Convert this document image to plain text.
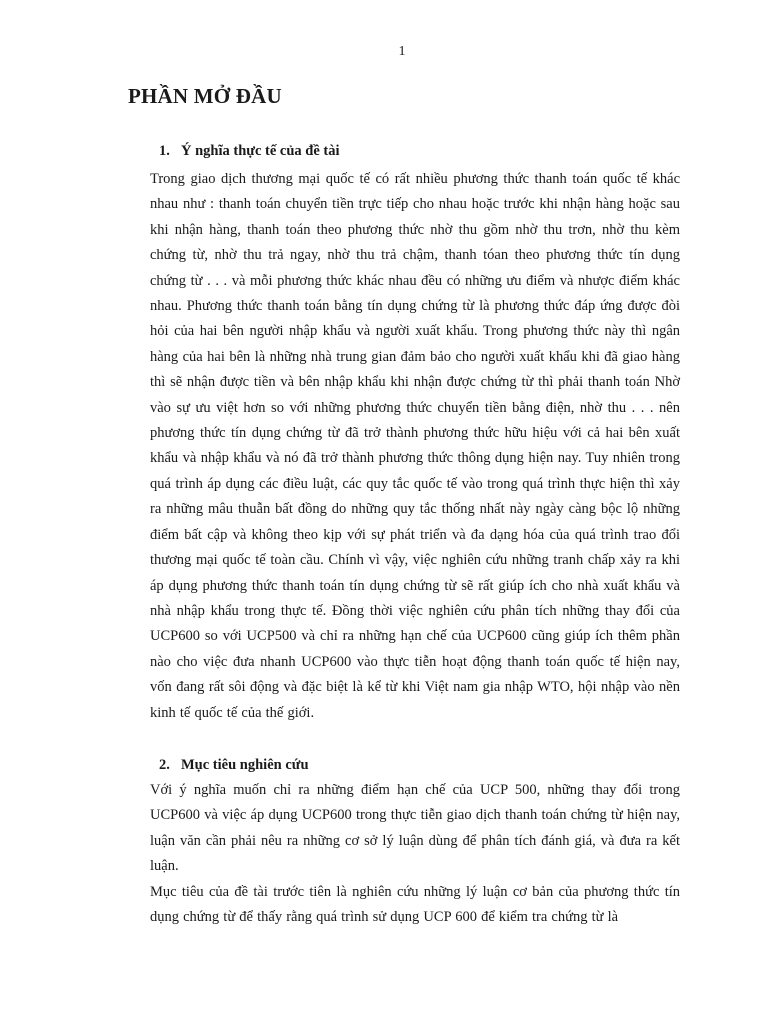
1
PHẦN MỞ ĐẦU
1. Ý nghĩa thực tế của đề tài

Trong giao dịch thương mại quốc tế có rất nhiều phương thức thanh toán quốc tế khác nhau như : thanh toán chuyển tiền trực tiếp cho nhau hoặc trước khi nhận hàng hoặc sau khi nhận hàng, thanh toán theo phương thức nhờ thu gồm nhờ thu trơn, nhờ thu kèm chứng từ, nhờ thu trả ngay, nhờ thu trả chậm, thanh tóan theo phương thức tín dụng chứng từ . . . và mỗi phương thức khác nhau đều có những ưu điểm và nhược điểm khác nhau. Phương thức thanh toán bằng tín dụng chứng từ là phương thức đáp ứng được đòi hỏi của hai bên người nhập khẩu và người xuất khẩu. Trong phương thức này thì ngân hàng của hai bên là những nhà trung gian đảm bảo cho người xuất khẩu khi đã giao hàng thì sẽ nhận được tiền và bên nhập khẩu khi nhận được chứng từ thì phải thanh toán Nhờ vào sự ưu việt hơn so với những phương thức chuyển tiền bằng điện, nhờ thu . . . nên phương thức tín dụng chứng từ đã trở thành phương thức hữu hiệu với cả hai bên xuất khẩu và nhập khẩu và nó đã trở thành phương thức thông dụng hiện nay. Tuy nhiên trong quá trình áp dụng các điều luật, các quy tắc quốc tế vào trong quá trình thực hiện thì xảy ra những mâu thuẫn bất đồng do những quy tắc thống nhất này ngày càng bộc lộ những điểm bất cập và không theo kịp với sự phát triển và đa dạng hóa của quá trình trao đổi thương mại quốc tế toàn cầu. Chính vì vậy, việc nghiên cứu những tranh chấp xảy ra khi áp dụng phương thức thanh toán tín dụng chứng từ sẽ rất giúp ích cho nhà xuất khẩu và nhà nhập khẩu trong thực tế. Đồng thời việc nghiên cứu phân tích những thay đổi của UCP600 so với UCP500 và chỉ ra những hạn chế của UCP600 cũng giúp ích thêm phần nào cho việc đưa nhanh UCP600 vào thực tiễn hoạt động thanh toán quốc tế hiện nay, vốn đang rất sôi động và đặc biệt là kể từ khi Việt nam gia nhập WTO, hội nhập vào nền kinh tế quốc tế của thế giới.

2. Mục tiêu nghiên cứu

Với ý nghĩa muốn chỉ ra những điểm hạn chế của UCP 500, những thay đổi trong UCP600 và việc áp dụng UCP600 trong thực tiễn giao dịch thanh toán chứng từ hiện nay, luận văn cần phải nêu ra những cơ sở lý luận dùng để phân tích đánh giá, và đưa ra kết luận.

Mục tiêu của đề tài trước tiên là nghiên cứu những lý luận cơ bản của phương thức tín dụng chứng từ để thấy rằng quá trình sử dụng UCP 600 để kiểm tra chứng từ là
